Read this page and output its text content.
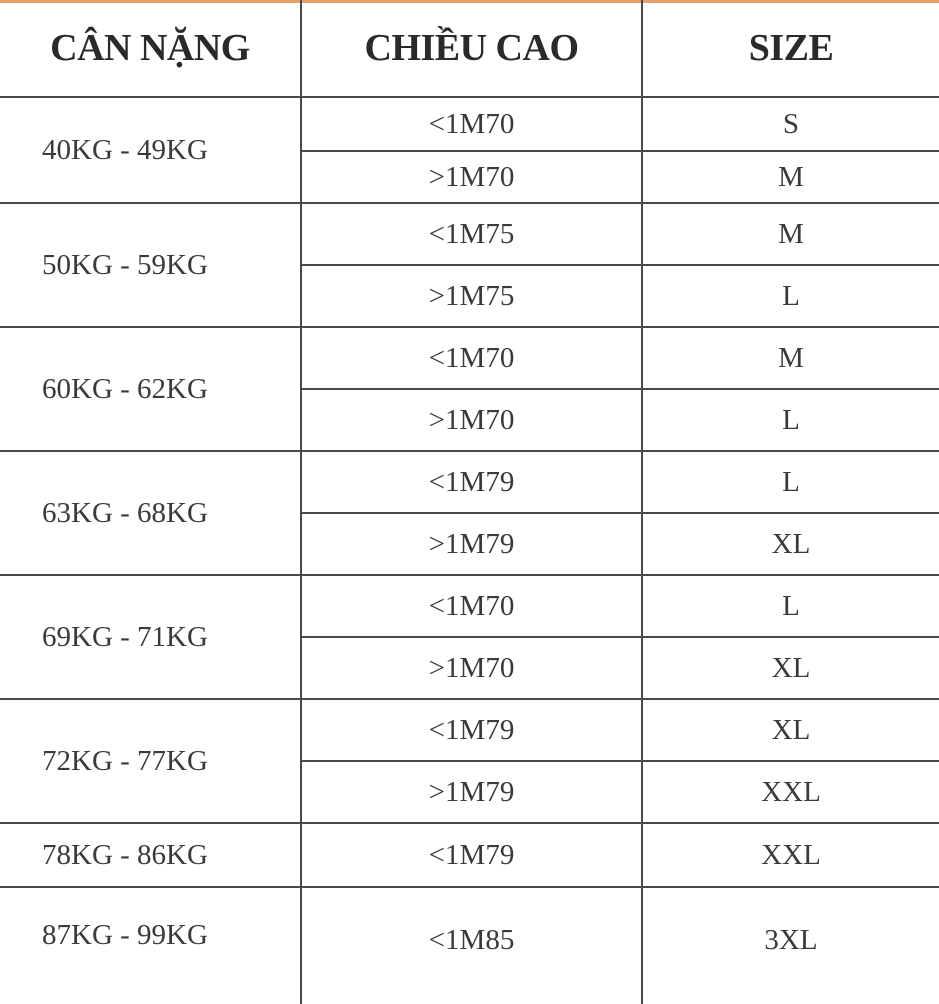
CÂN NẶNG	CHIỀU CAO	SIZE
40KG - 49KG	<1M70	S
	>1M70	M
50KG - 59KG	<1M75	M
	>1M75	L
60KG - 62KG	<1M70	M
	>1M70	L
63KG - 68KG	<1M79	L
	>1M79	XL
69KG - 71KG	<1M70	L
	>1M70	XL
72KG - 77KG	<1M79	XL
	>1M79	XXL
78KG - 86KG	<1M79	XXL
87KG - 99KG	<1M85	3XL
